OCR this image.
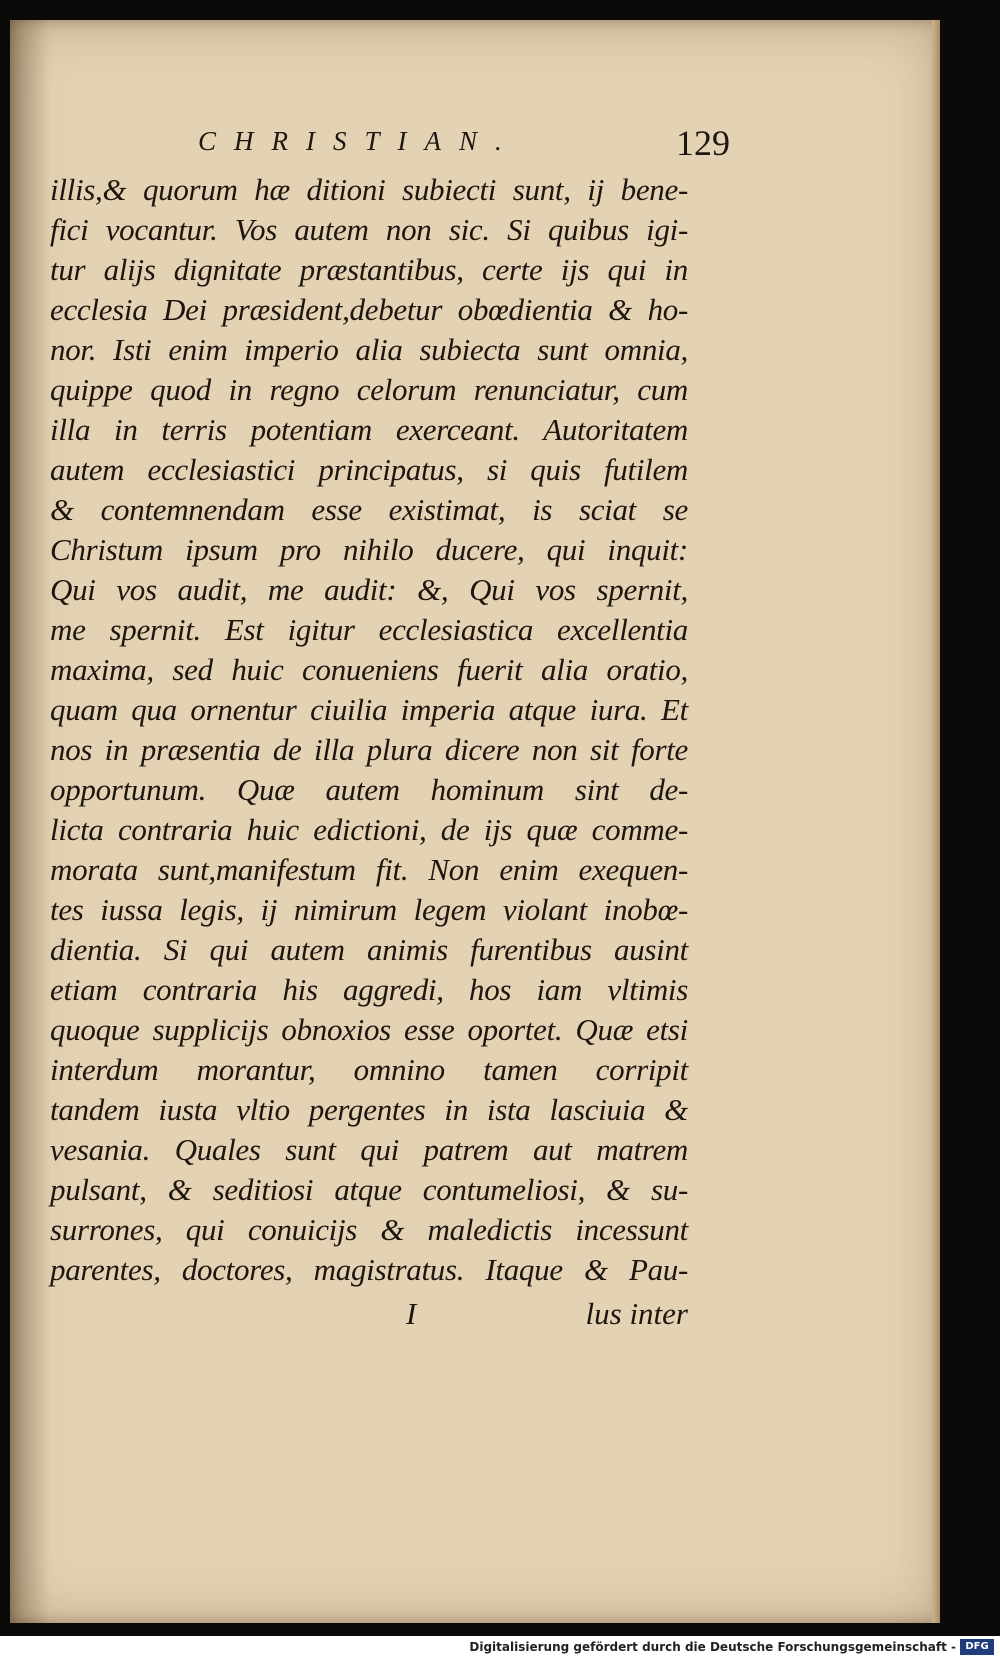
CHRISTIAN.	129
illis,& quorum hæ ditioni subiecti sunt, ij bene-
fici vocantur. Vos autem non sic. Si quibus igi-
tur alijs dignitate præstantibus, certe ijs qui in
ecclesia Dei præsident,debetur obœdientia & ho-
nor. Isti enim imperio alia subiecta sunt omnia,
quippe quod in regno celorum renunciatur, cum
illa in terris potentiam exerceant. Autoritatem
autem ecclesiastici principatus, si quis futilem
& contemnendam esse existimat, is sciat se
Christum ipsum pro nihilo ducere, qui inquit:
Qui vos audit, me audit: &, Qui vos spernit,
me spernit. Est igitur ecclesiastica excellentia
maxima, sed huic conueniens fuerit alia oratio,
quam qua ornentur ciuilia imperia atque iura. Et
nos in præsentia de illa plura dicere non sit forte
opportunum. Quæ autem hominum sint de-
licta contraria huic edictioni, de ijs quæ comme-
morata sunt,manifestum fit. Non enim exequen-
tes iussa legis, ij nimirum legem violant inobœ-
dientia. Si qui autem animis furentibus ausint
etiam contraria his aggredi, hos iam vltimis
quoque supplicijs obnoxios esse oportet. Quæ etsi
interdum morantur, omnino tamen corripit
tandem iusta vltio pergentes in ista lasciuia &
vesania. Quales sunt qui patrem aut matrem
pulsant, & seditiosi atque contumeliosi, & su-
surrones, qui conuicijs & maledictis incessunt
parentes, doctores, magistratus. Itaque & Pau-
I	lus inter
Digitalisierung gefördert durch die Deutsche Forschungsgemeinschaft - DFG
